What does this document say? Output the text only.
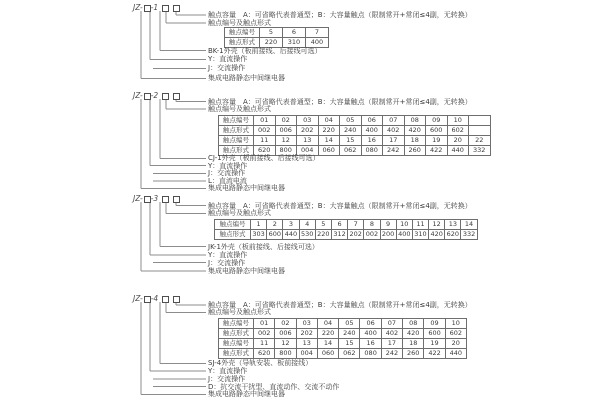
JZ- - 1
触点容量　A：可省略代表普通型；B：大容量触点（限制常开+常闭≤4副，无转换）
触点编号及触点形式
触点编号	5	6	7
触点形式	220	310	400
BK-1外壳（板前接线、后接线可选）
Y：直流操作
J：交流操作
集成电路静态中间继电器
JZ- - 2
触点容量　A：可省略代表普通型；B：大容量触点（限制常开+常闭≤4副，无转换）
触点编号及触点形式
触点编号	01	02	03	04	05	06	07	08	09	10	
触点形式	002	006	202	220	240	400	402	420	600	602	
触点编号	11	12	13	14	15	16	17	18	19	20	22
触点形式	620	800	004	060	062	080	242	260	422	440	332
CJ-1外壳（板前接线、后接线可选）
Y：直流操作
J：交流操作
L：直流电流
集成电路静态中间继电器
JZ- - 3
触点容量　A：可省略代表普通型；B：大容量触点（限制常开+常闭≤4副，无转换）
触点编号及触点形式
触点编号	1	2	3	4	5	6	7	8	9	10	11	12	13	14
触点形式	303	600	440	530	220	312	202	002	200	400	310	420	620	332
JK-1外壳（板前接线、后接线可选）
Y：直流操作
J：交流操作
集成电路静态中间继电器
JZ- - 4
触点容量　A：可省略代表普通型；B：大容量触点（限制常开+常闭≤4副，无转换）
触点编号及触点形式
触点编号	01	02	03	04	05	06	07	08	09	10
触点形式	002	006	202	220	240	400	402	420	600	602
触点编号	11	12	13	14	15	16	17	18	19	20
触点形式	620	800	004	060	062	080	242	260	422	440
SJ-4外壳（导轨安装、板前接线）
Y：直流操作
J：交流操作
D：抗交流干扰型、直流动作、交流不动作
集成电路静态中间继电器
